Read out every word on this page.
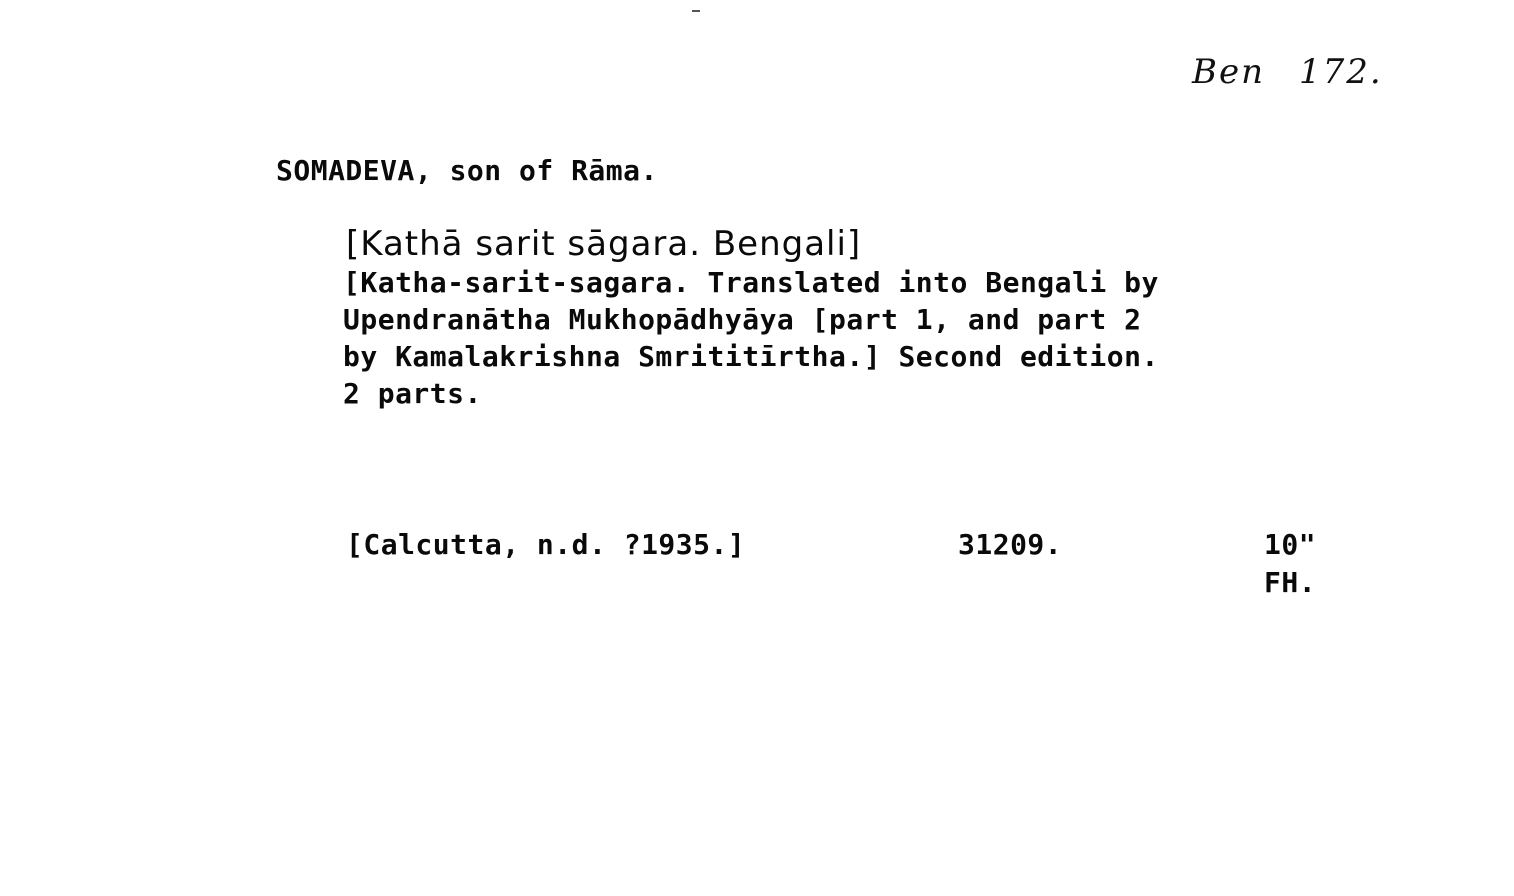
Ben 172.
SOMADEVA, son of Rāma.
[Kathā sarit sāgara. Bengali]
[Katha-sarit-sagara. Translated into Bengali by
Upendranātha Mukhopādhyāya [part 1, and part 2
by Kamalakrishna Smrititīrtha.] Second edition.
2 parts.
[Calcutta, n.d. ?1935.]	31209.	10"
FH.
